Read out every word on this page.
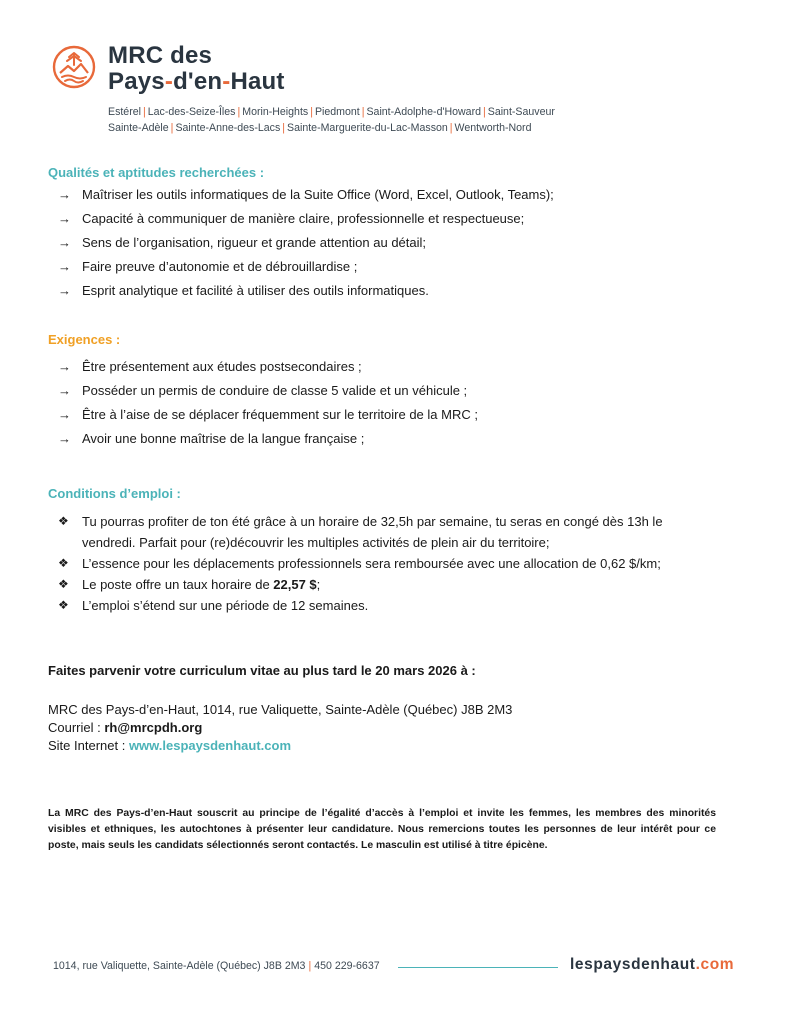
MRC des
Pays-d'en-Haut
Estérel | Lac-des-Seize-Îles | Morin-Heights | Piedmont | Saint-Adolphe-d'Howard | Saint-Sauveur
Sainte-Adèle | Sainte-Anne-des-Lacs | Sainte-Marguerite-du-Lac-Masson | Wentworth-Nord
Qualités et aptitudes recherchées :
→ Maîtriser les outils informatiques de la Suite Office (Word, Excel, Outlook, Teams);
→ Capacité à communiquer de manière claire, professionnelle et respectueuse;
→ Sens de l’organisation, rigueur et grande attention au détail;
→ Faire preuve d’autonomie et de débrouillardise ;
→ Esprit analytique et facilité à utiliser des outils informatiques.
Exigences :
→ Être présentement aux études postsecondaires ;
→ Posséder un permis de conduire de classe 5 valide et un véhicule ;
→ Être à l’aise de se déplacer fréquemment sur le territoire de la MRC ;
→ Avoir une bonne maîtrise de la langue française ;
Conditions d’emploi :
❖	Tu pourras profiter de ton été grâce à un horaire de 32,5h par semaine, tu seras en congé dès 13h le
vendredi. Parfait pour (re)découvrir les multiples activités de plein air du territoire;
❖	L’essence pour les déplacements professionnels sera remboursée avec une allocation de 0,62 $/km;
❖	Le poste offre un taux horaire de 22,57 $;
❖	L’emploi s’étend sur une période de 12 semaines.
Faites parvenir votre curriculum vitae au plus tard le 20 mars 2026 à :
MRC des Pays-d’en-Haut, 1014, rue Valiquette, Sainte-Adèle (Québec) J8B 2M3
Courriel : rh@mrcpdh.org
Site Internet : www.lespaysdenhaut.com
La MRC des Pays-d’en-Haut souscrit au principe de l’égalité d’accès à l’emploi et invite les femmes, les membres des minorités visibles et ethniques, les autochtones à présenter leur candidature. Nous remercions toutes les personnes de leur intérêt pour ce poste, mais seuls les candidats sélectionnés seront contactés. Le masculin est utilisé à titre épicène.
1014, rue Valiquette, Sainte-Adèle (Québec) J8B 2M3 | 450 229-6637	lespaysdenhaut.com
